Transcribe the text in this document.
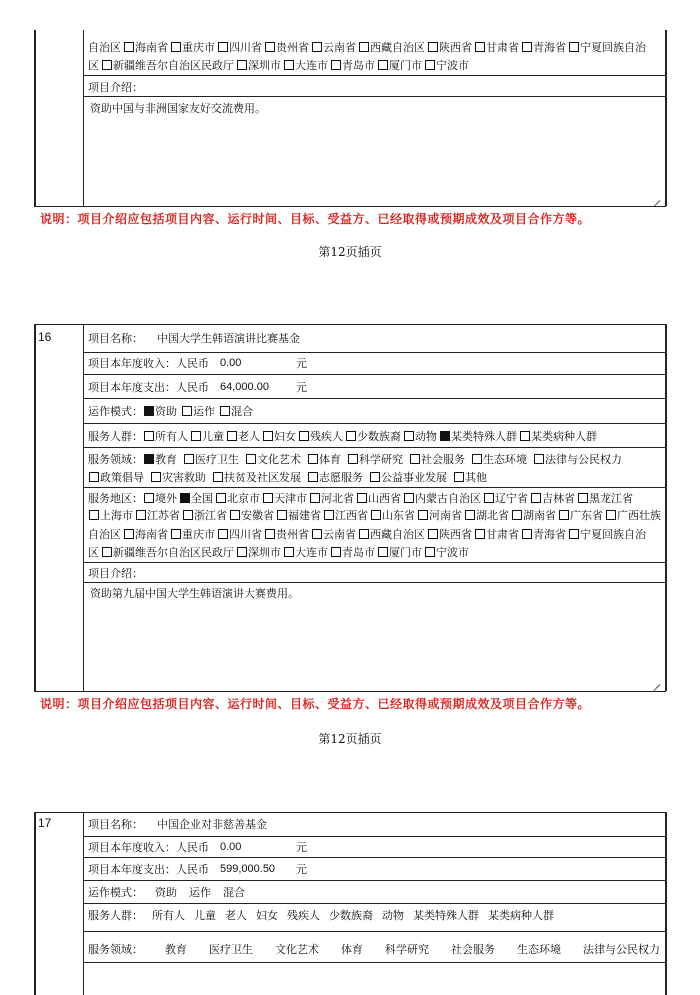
自治区 海南省 重庆市 四川省 贵州省 云南省 西藏自治区 陕西省 甘肃省 青海省 宁夏回族自治
区 新疆维吾尔自治区民政厅 深圳市 大连市 青岛市 厦门市 宁波市
项目介绍：
资助中国与非洲国家友好交流费用。
说明：项目介绍应包括项目内容、运行时间、目标、受益方、已经取得或预期成效及项目合作方等。
第12页插页
16	项目名称： 中国大学生韩语演讲比赛基金
项目本年度收入：人民币 0.00	元
项目本年度支出：人民币 64,000.00 元
运作模式： 资助 运作 混合
服务人群： 所有人 儿童 老人 妇女 残疾人 少数族裔 动物 某类特殊人群 某类病种人群
服务领域： 教育 医疗卫生 文化艺术 体育 科学研究 社会服务 生态环境 法律与公民权力
政策倡导 灾害救助 扶贫及社区发展 志愿服务 公益事业发展 其他
服务地区： 境外 全国 北京市 天津市 河北省 山西省 内蒙古自治区 辽宁省 吉林省 黑龙江省
上海市 江苏省 浙江省 安徽省 福建省 江西省 山东省 河南省 湖北省 湖南省 广东省 广西壮族
自治区 海南省 重庆市 四川省 贵州省 云南省 西藏自治区 陕西省 甘肃省 青海省 宁夏回族自治
区 新疆维吾尔自治区民政厅 深圳市 大连市 青岛市 厦门市 宁波市
项目介绍：
资助第九届中国大学生韩语演讲大赛费用。
说明：项目介绍应包括项目内容、运行时间、目标、受益方、已经取得或预期成效及项目合作方等。
第12页插页
17	项目名称： 中国企业对非慈善基金
项目本年度收入：人民币 0.00	元
项目本年度支出：人民币 599,000.50 元
运作模式： 资助 运作 混合
服务人群： 所有人 儿童 老人 妇女 残疾人 少数族裔 动物 某类特殊人群 某类病种人群
服务领域： 教育 医疗卫生 文化艺术 体育 科学研究 社会服务 生态环境 法律与公民权力
